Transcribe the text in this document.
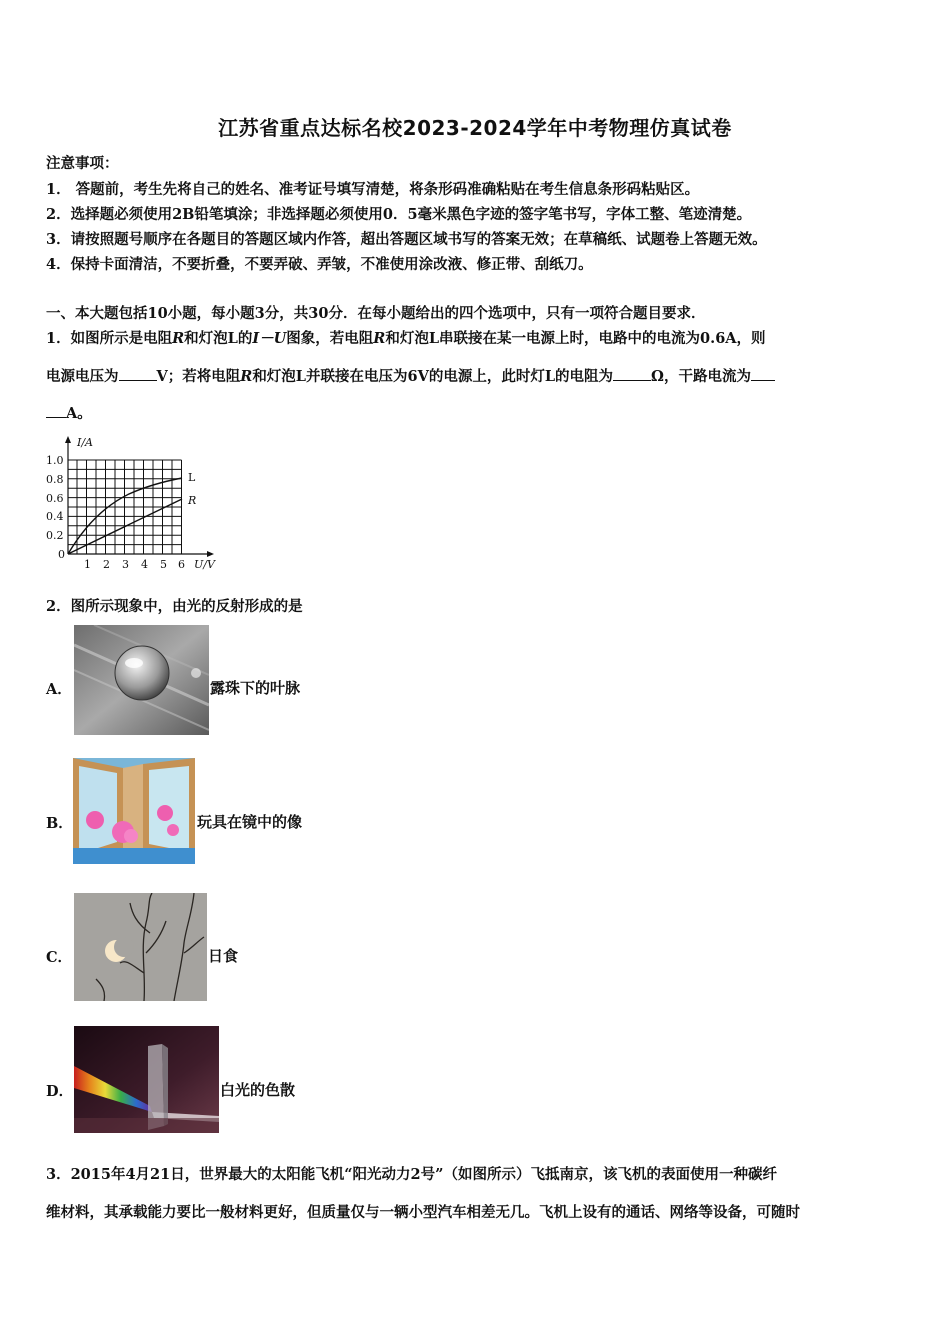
江苏省重点达标名校2023-2024学年中考物理仿真试卷
注意事项：
1． 答题前，考生先将自己的姓名、准考证号填写清楚，将条形码准确粘贴在考生信息条形码粘贴区。
2．选择题必须使用2B铅笔填涂；非选择题必须使用0．5毫米黑色字迹的签字笔书写，字体工整、笔迹清楚。
3．请按照题号顺序在各题目的答题区域内作答，超出答题区域书写的答案无效；在草稿纸、试题卷上答题无效。
4．保持卡面清洁，不要折叠，不要弄破、弄皱，不准使用涂改液、修正带、刮纸刀。
一、本大题包括10小题，每小题3分，共30分．在每小题给出的四个选项中，只有一项符合题目要求．
1．如图所示是电阻R和灯泡L的I－U图象，若电阻R和灯泡L串联接在某一电源上时，电路中的电流为0.6A，则
电源电压为	V；若将电阻R和灯泡L并联接在电压为6V的电源上，此时灯L的电阻为	Ω，干路电流为
A。
I/A
1.0
0.8
0.6
0.4
0.2
0
1 2 3 4 5 6 U/V
L
R
2．图所示现象中，由光的反射形成的是
A．	露珠下的叶脉
B．	玩具在镜中的像
C．	日食
D．	白光的色散
3．2015年4月21日，世界最大的太阳能飞机“阳光动力2号”（如图所示）飞抵南京，该飞机的表面使用一种碳纤
维材料，其承载能力要比一般材料更好，但质量仅与一辆小型汽车相差无几。飞机上设有的通话、网络等设备，可随时
